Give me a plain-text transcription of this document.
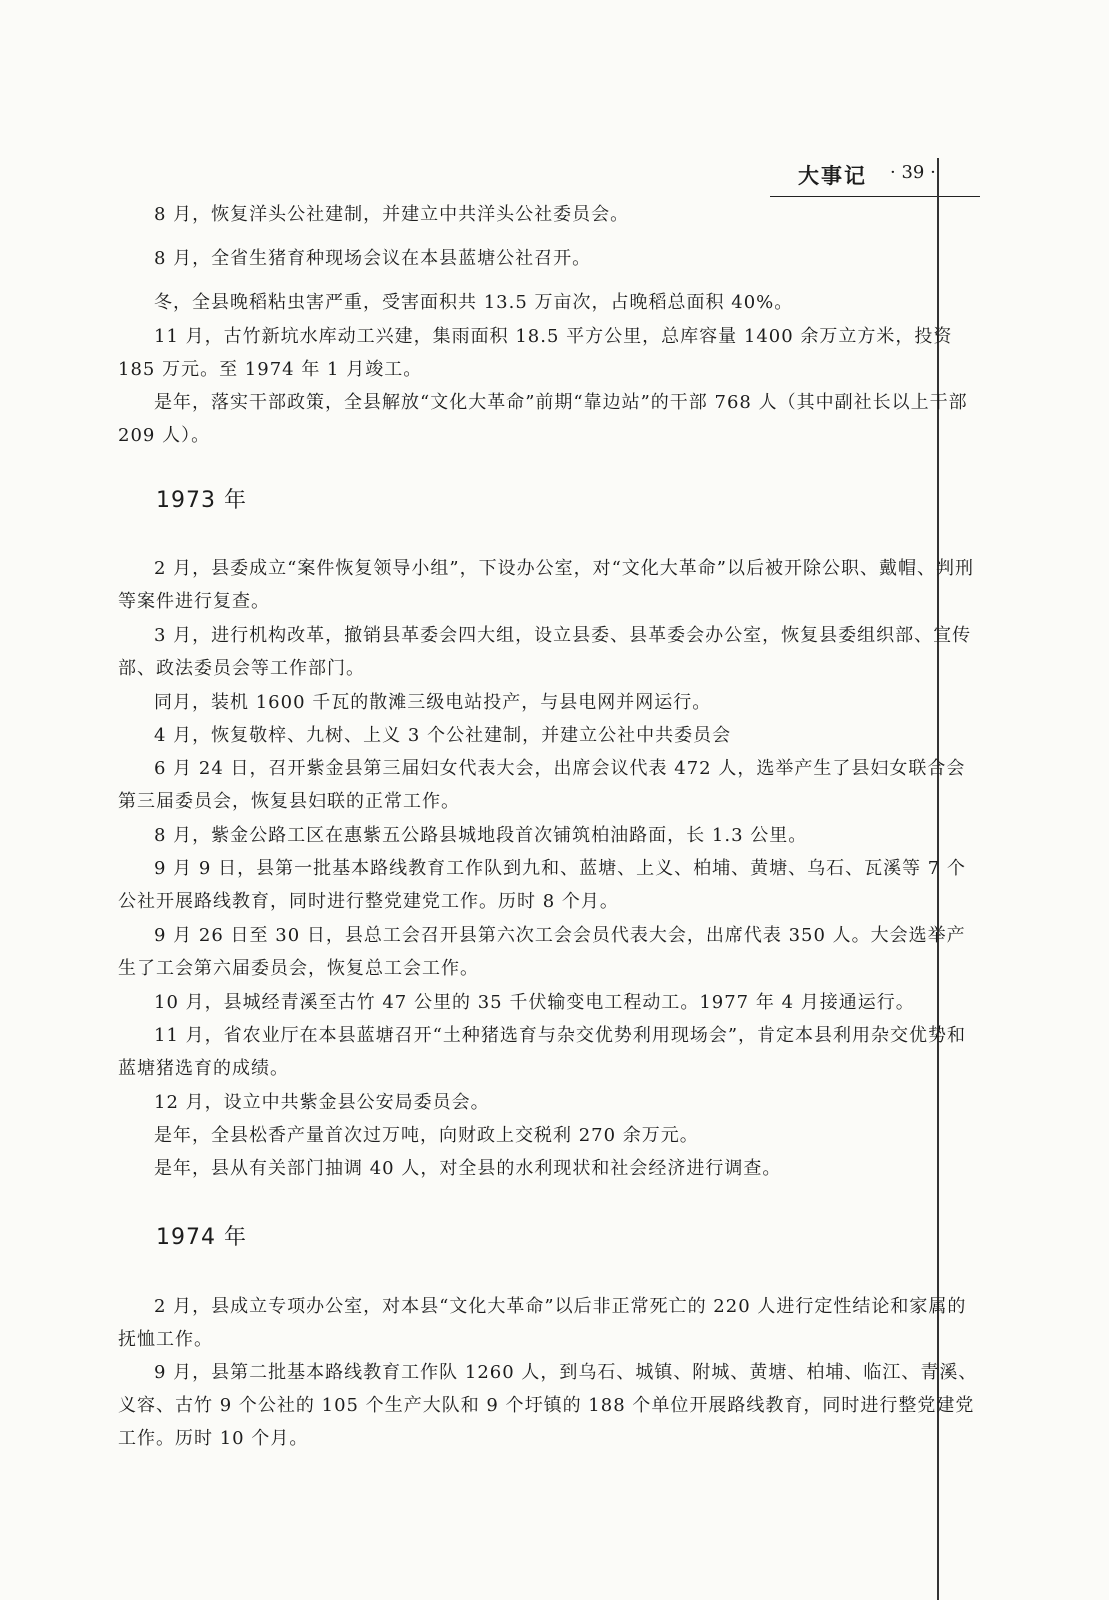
大事记 · 39 ·

8 月，恢复洋头公社建制，并建立中共洋头公社委员会。

8 月，全省生猪育种现场会议在本县蓝塘公社召开。

冬，全县晚稻粘虫害严重，受害面积共 13.5 万亩次，占晚稻总面积 40%。

11 月，古竹新坑水库动工兴建，集雨面积 18.5 平方公里，总库容量 1400 余万立方米，投资 185 万元。至 1974 年 1 月竣工。

是年，落实干部政策，全县解放“文化大革命”前期“靠边站”的干部 768 人（其中副社长以上干部 209 人）。

1973 年

2 月，县委成立“案件恢复领导小组”，下设办公室，对“文化大革命”以后被开除公职、戴帽、判刑等案件进行复查。

3 月，进行机构改革，撤销县革委会四大组，设立县委、县革委会办公室，恢复县委组织部、宣传部、政法委员会等工作部门。

同月，装机 1600 千瓦的散滩三级电站投产，与县电网并网运行。

4 月，恢复敬梓、九树、上义 3 个公社建制，并建立公社中共委员会

6 月 24 日，召开紫金县第三届妇女代表大会，出席会议代表 472 人，选举产生了县妇女联合会第三届委员会，恢复县妇联的正常工作。

8 月，紫金公路工区在惠紫五公路县城地段首次铺筑柏油路面，长 1.3 公里。

9 月 9 日，县第一批基本路线教育工作队到九和、蓝塘、上义、柏埔、黄塘、乌石、瓦溪等 7 个公社开展路线教育，同时进行整党建党工作。历时 8 个月。

9 月 26 日至 30 日，县总工会召开县第六次工会会员代表大会，出席代表 350 人。大会选举产生了工会第六届委员会，恢复总工会工作。

10 月，县城经青溪至古竹 47 公里的 35 千伏输变电工程动工。1977 年 4 月接通运行。

11 月，省农业厅在本县蓝塘召开“土种猪选育与杂交优势利用现场会”，肯定本县利用杂交优势和蓝塘猪选育的成绩。

12 月，设立中共紫金县公安局委员会。

是年，全县松香产量首次过万吨，向财政上交税利 270 余万元。

是年，县从有关部门抽调 40 人，对全县的水利现状和社会经济进行调查。

1974 年

2 月，县成立专项办公室，对本县“文化大革命”以后非正常死亡的 220 人进行定性结论和家属的抚恤工作。

9 月，县第二批基本路线教育工作队 1260 人，到乌石、城镇、附城、黄塘、柏埔、临江、青溪、义容、古竹 9 个公社的 105 个生产大队和 9 个圩镇的 188 个单位开展路线教育，同时进行整党建党工作。历时 10 个月。
